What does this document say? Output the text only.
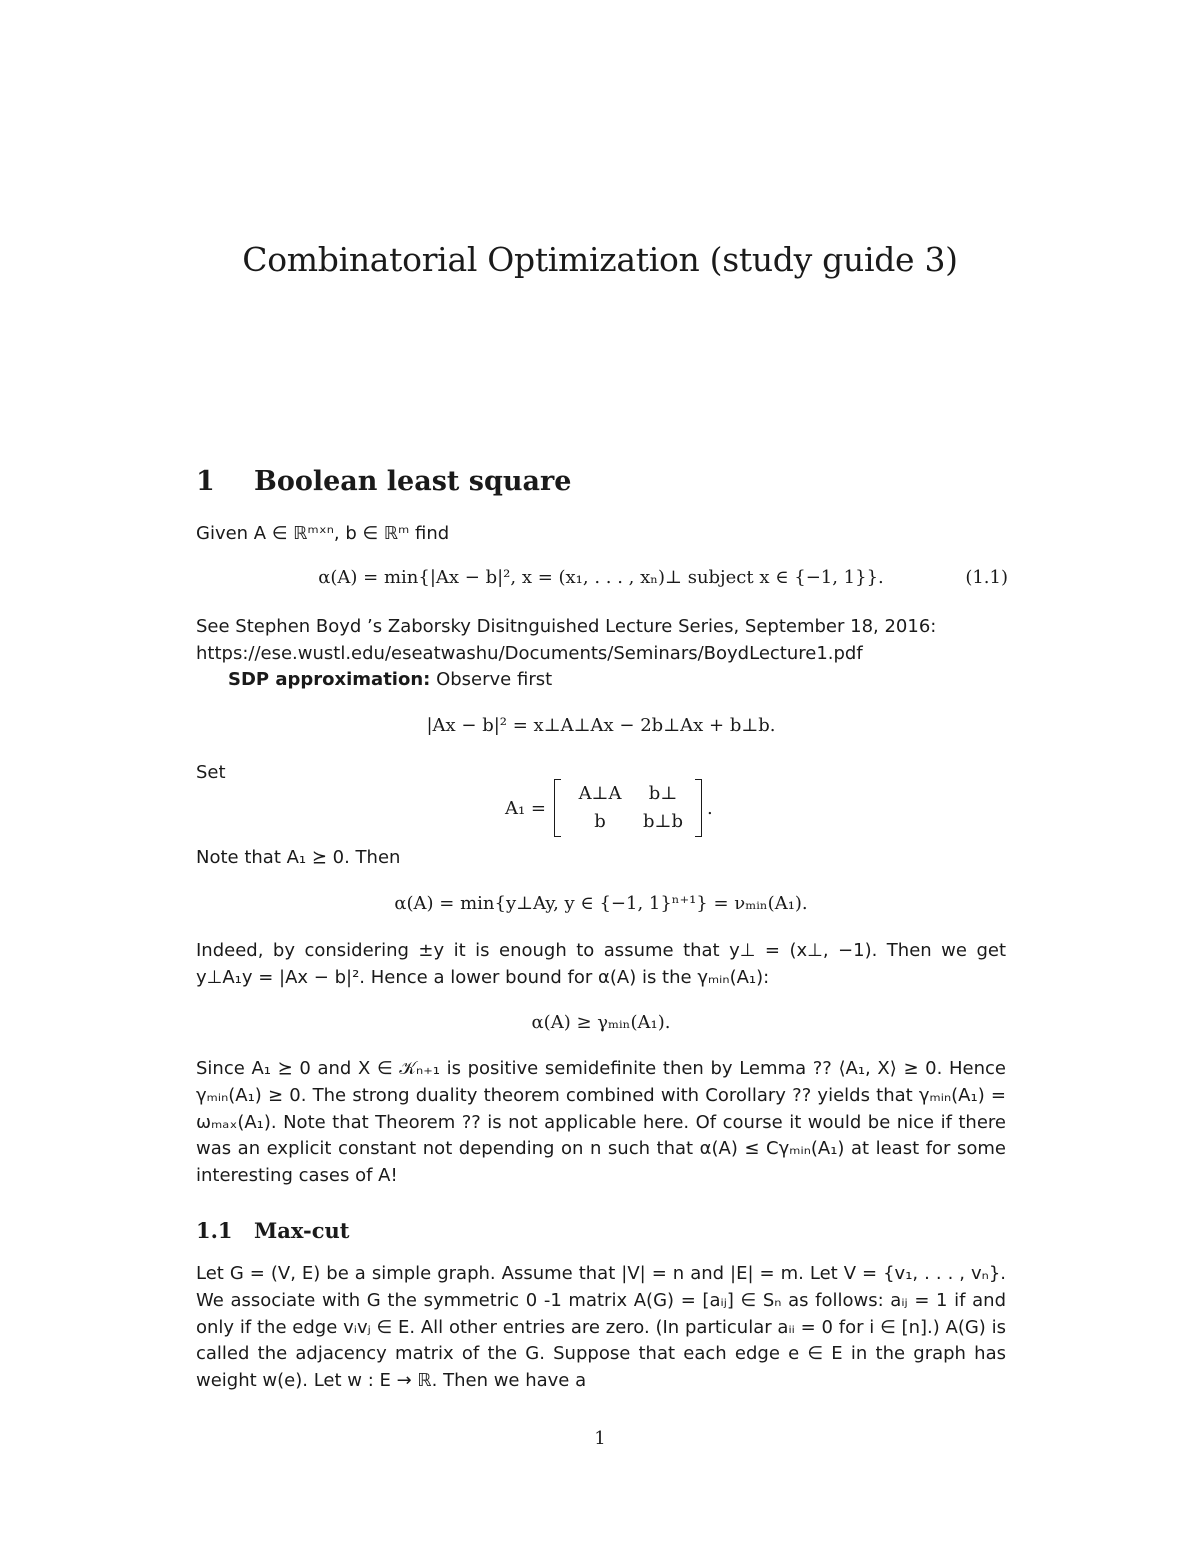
Combinatorial Optimization (study guide 3)
1 Boolean least square
Given A ∈ ℝᵐˣⁿ, b ∈ ℝᵐ find
α(A) = min{|Ax − b|², x = (x₁, . . . , xₙ)⊥ subject x ∈ {−1, 1}}.	(1.1)
See Stephen Boyd ’s Zaborsky Disitnguished Lecture Series, September 18, 2016:
https://ese.wustl.edu/eseatwashu/Documents/Seminars/BoydLecture1.pdf
SDP approximation: Observe first
|Ax − b|² = x⊥A⊥Ax − 2b⊥Ax + b⊥b.
Set
A₁ =
A⊥A	b⊥
b	b⊥b
.
Note that A₁ ⪰ 0. Then
α(A) = min{y⊥Ay, y ∈ {−1, 1}ⁿ⁺¹} = νₘᵢₙ(A₁).

Indeed, by considering ±y it is enough to assume that y⊥ = (x⊥, −1). Then we get y⊥A₁y = |Ax − b|². Hence a lower bound for α(A) is the γₘᵢₙ(A₁):

α(A) ≥ γₘᵢₙ(A₁).

Since A₁ ⪰ 0 and X ∈ 𝒦ₙ₊₁ is positive semidefinite then by Lemma ?? ⟨A₁, X⟩ ≥ 0. Hence γₘᵢₙ(A₁) ≥ 0. The strong duality theorem combined with Corollary ?? yields that γₘᵢₙ(A₁) = ωₘₐₓ(A₁). Note that Theorem ?? is not applicable here. Of course it would be nice if there was an explicit constant not depending on n such that α(A) ≤ Cγₘᵢₙ(A₁) at least for some interesting cases of A!

1.1 Max-cut

Let G = (V, E) be a simple graph. Assume that |V| = n and |E| = m. Let V = {v₁, . . . , vₙ}. We associate with G the symmetric 0 -1 matrix A(G) = [aᵢⱼ] ∈ Sₙ as follows: aᵢⱼ = 1 if and only if the edge vᵢvⱼ ∈ E. All other entries are zero. (In particular aᵢᵢ = 0 for i ∈ [n].) A(G) is called the adjacency matrix of the G. Suppose that each edge e ∈ E in the graph has weight w(e). Let w : E → ℝ. Then we have a

1
